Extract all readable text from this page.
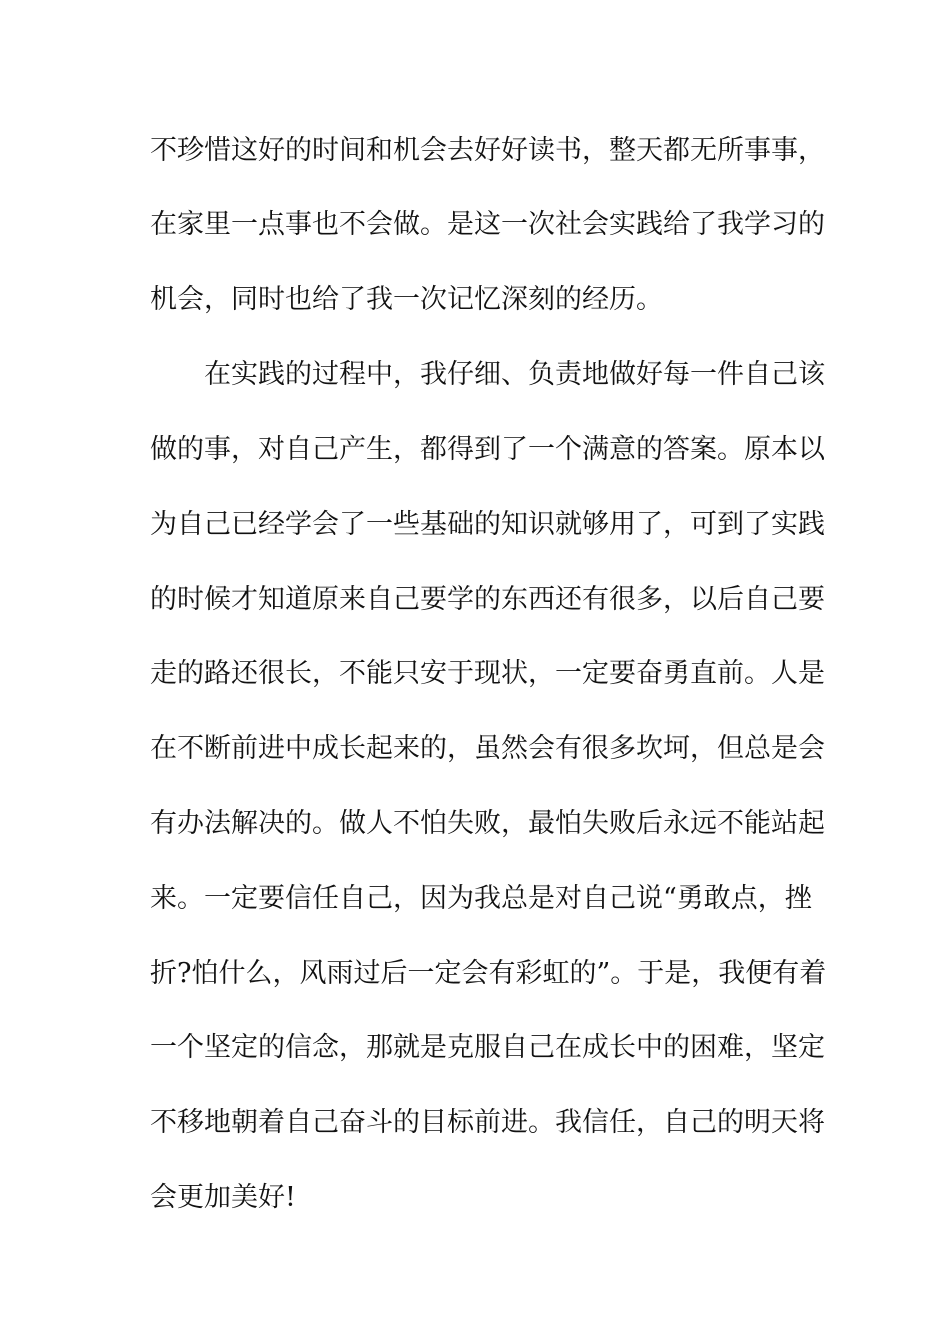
不珍惜这好的时间和机会去好好读书，整天都无所事事，
在家里一点事也不会做。是这一次社会实践给了我学习的
机会，同时也给了我一次记忆深刻的经历。
在实践的过程中，我仔细、负责地做好每一件自己该
做的事，对自己产生，都得到了一个满意的答案。原本以
为自己已经学会了一些基础的知识就够用了，可到了实践
的时候才知道原来自己要学的东西还有很多，以后自己要
走的路还很长，不能只安于现状，一定要奋勇直前。人是
在不断前进中成长起来的，虽然会有很多坎坷，但总是会
有办法解决的。做人不怕失败，最怕失败后永远不能站起
来。一定要信任自己，因为我总是对自己说“勇敢点，挫
折?怕什么，风雨过后一定会有彩虹的”。于是，我便有着
一个坚定的信念，那就是克服自己在成长中的困难，坚定
不移地朝着自己奋斗的目标前进。我信任，自己的明天将
会更加美好!
